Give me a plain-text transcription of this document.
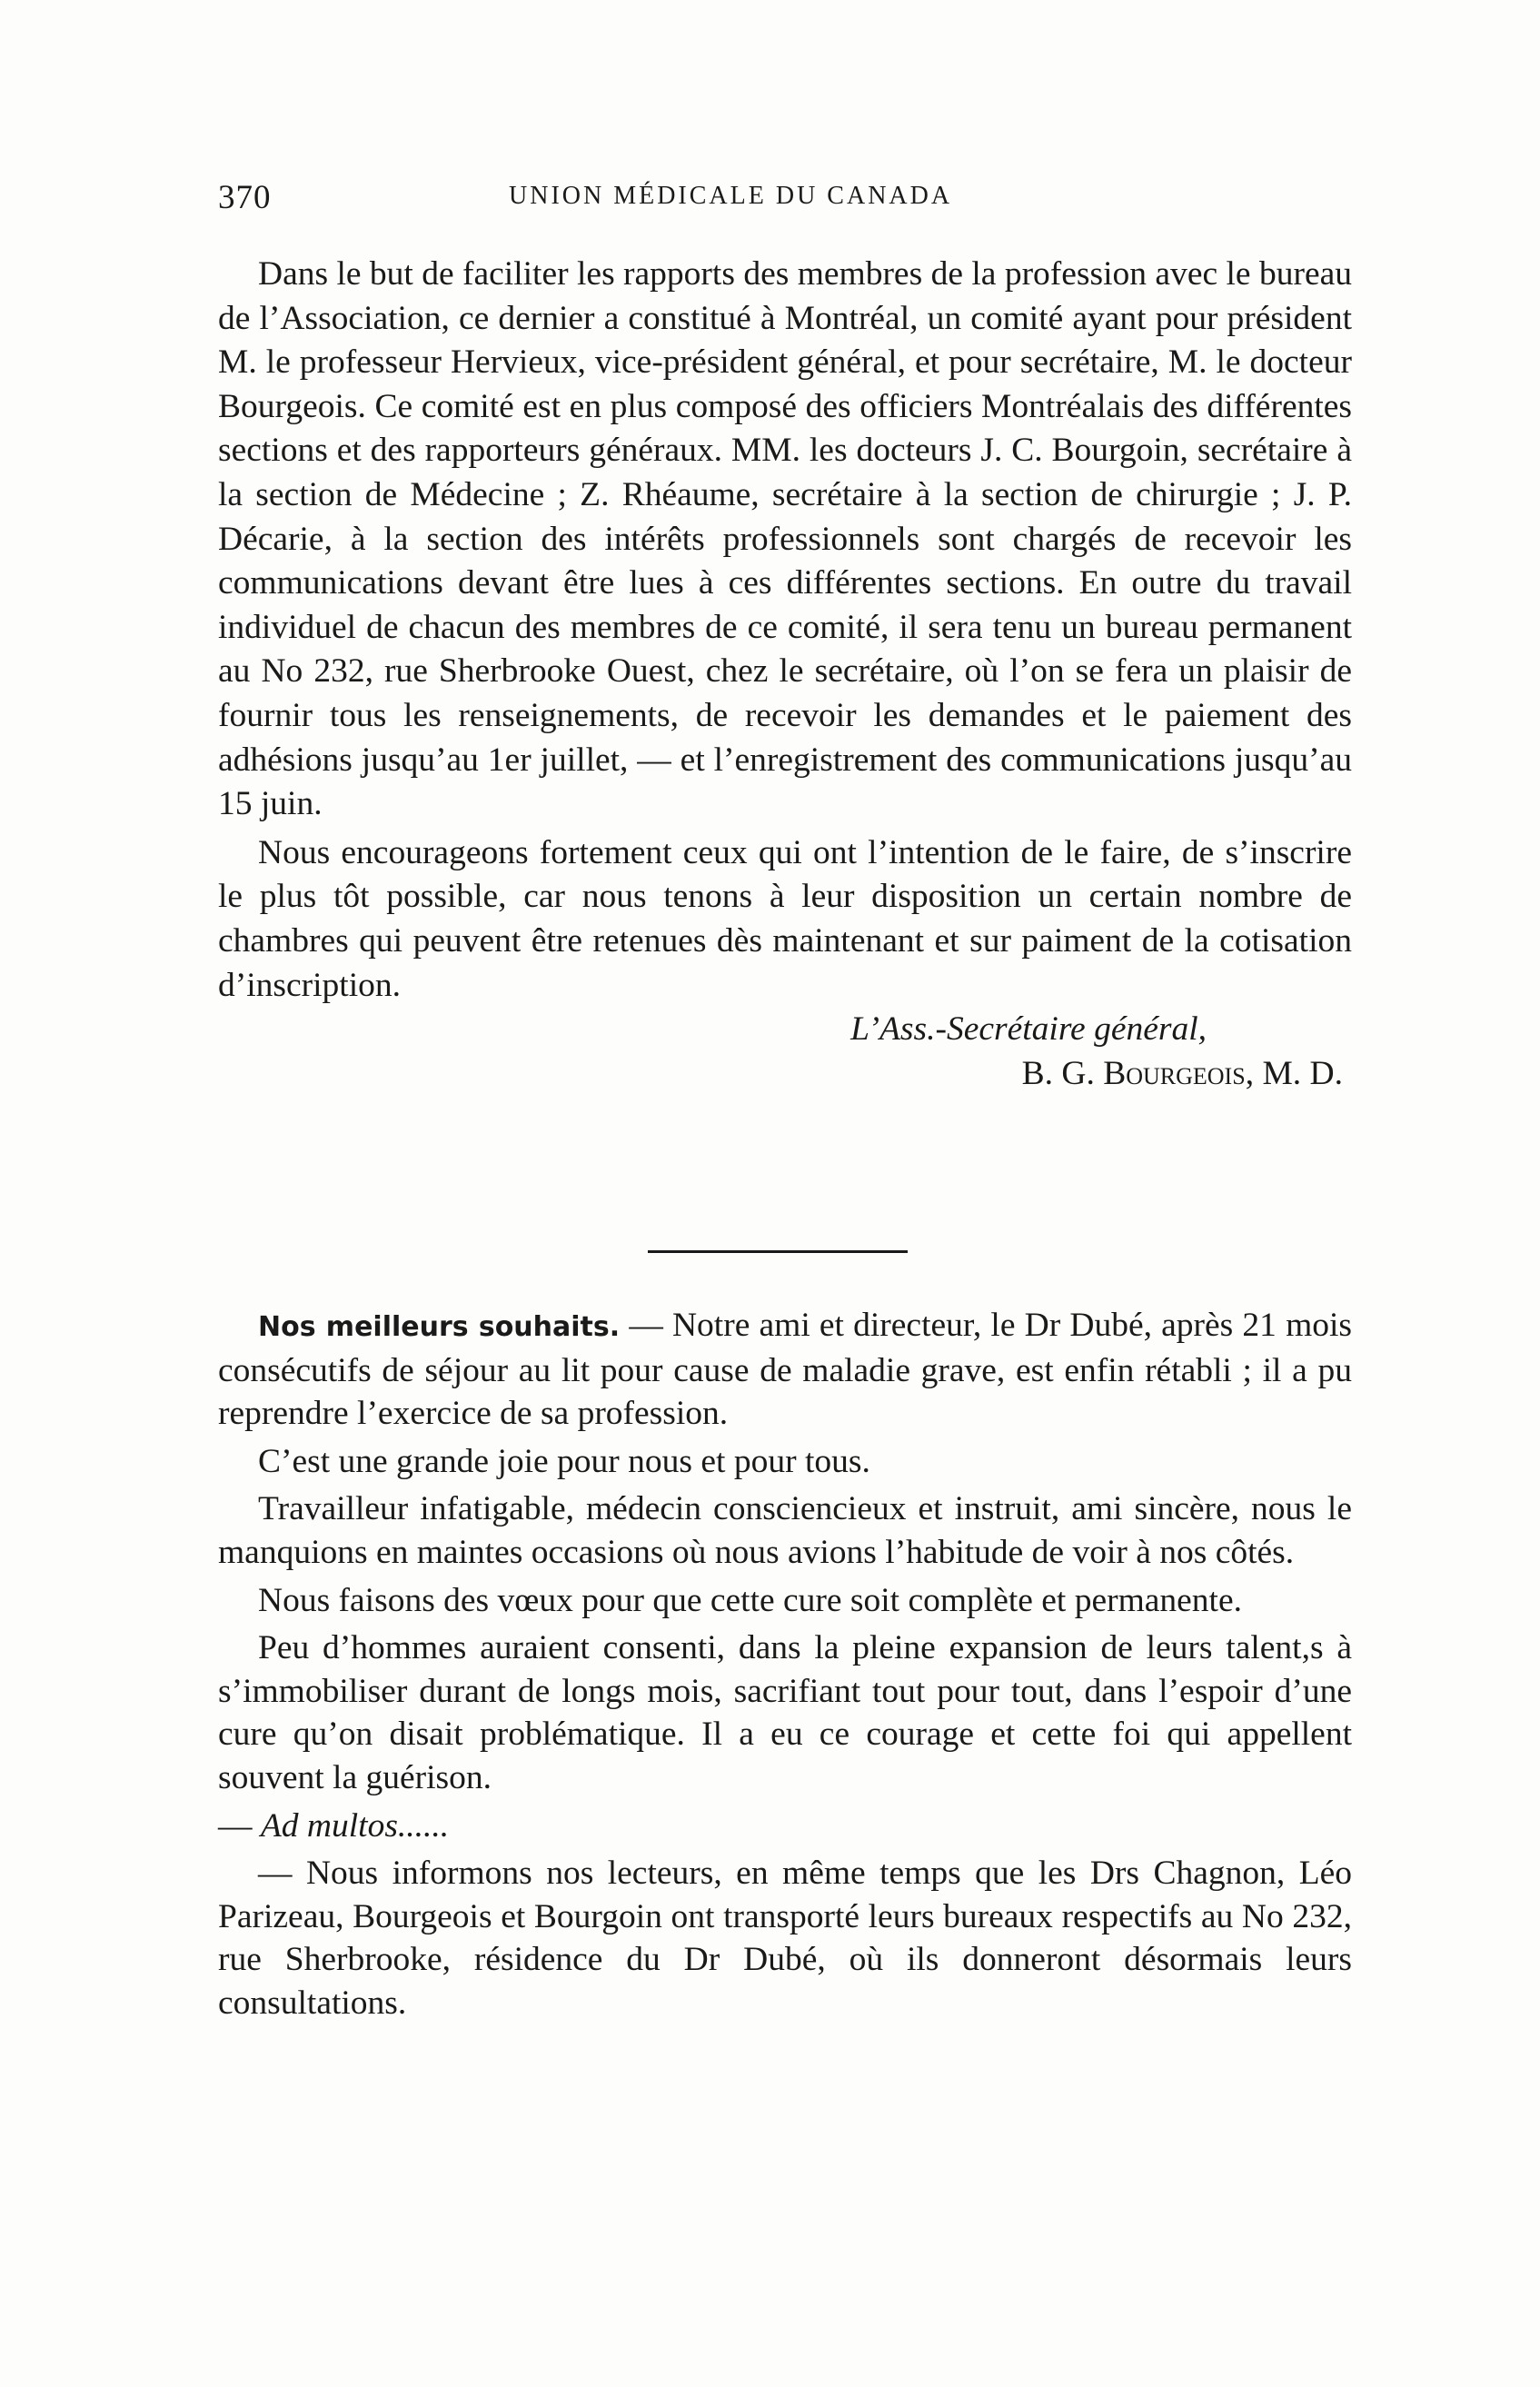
370	UNION MÉDICALE DU CANADA

Dans le but de faciliter les rapports des membres de la profession avec le bureau de l’Association, ce dernier a constitué à Montréal, un comité ayant pour président M. le professeur Hervieux, vice-président général, et pour secrétaire, M. le docteur Bourgeois. Ce comité est en plus composé des officiers Montréalais des différentes sections et des rapporteurs généraux. MM. les docteurs J. C. Bourgoin, secrétaire à la section de Médecine ; Z. Rhéaume, secrétaire à la section de chirurgie ; J. P. Décarie, à la section des intérêts professionnels sont chargés de recevoir les communications devant être lues à ces différentes sections. En outre du travail individuel de chacun des membres de ce comité, il sera tenu un bureau permanent au No 232, rue Sherbrooke Ouest, chez le secrétaire, où l’on se fera un plaisir de fournir tous les renseignements, de recevoir les demandes et le paiement des adhésions jusqu’au 1er juillet, — et l’enregistrement des communications jusqu’au 15 juin.

Nous encourageons fortement ceux qui ont l’intention de le faire, de s’inscrire le plus tôt possible, car nous tenons à leur disposition un certain nombre de chambres qui peuvent être retenues dès maintenant et sur paiment de la cotisation d’inscription.

L’Ass.-Secrétaire général,
B. G. Bourgeois, M. D.

Nos meilleurs souhaits. — Notre ami et directeur, le Dr Dubé, après 21 mois consécutifs de séjour au lit pour cause de maladie grave, est enfin rétabli ; il a pu reprendre l’exercice de sa profession.

C’est une grande joie pour nous et pour tous.

Travailleur infatigable, médecin consciencieux et instruit, ami sincère, nous le manquions en maintes occasions où nous avions l’habitude de voir à nos côtés.

Nous faisons des vœux pour que cette cure soit complète et permanente.

Peu d’hommes auraient consenti, dans la pleine expansion de leurs talent,s à s’immobiliser durant de longs mois, sacrifiant tout pour tout, dans l’espoir d’une cure qu’on disait problématique. Il a eu ce courage et cette foi qui appellent souvent la guérison.

— Ad multos......

— Nous informons nos lecteurs, en même temps que les Drs Chagnon, Léo Parizeau, Bourgeois et Bourgoin ont transporté leurs bureaux respectifs au No 232, rue Sherbrooke, résidence du Dr Dubé, où ils donneront désormais leurs consultations.
